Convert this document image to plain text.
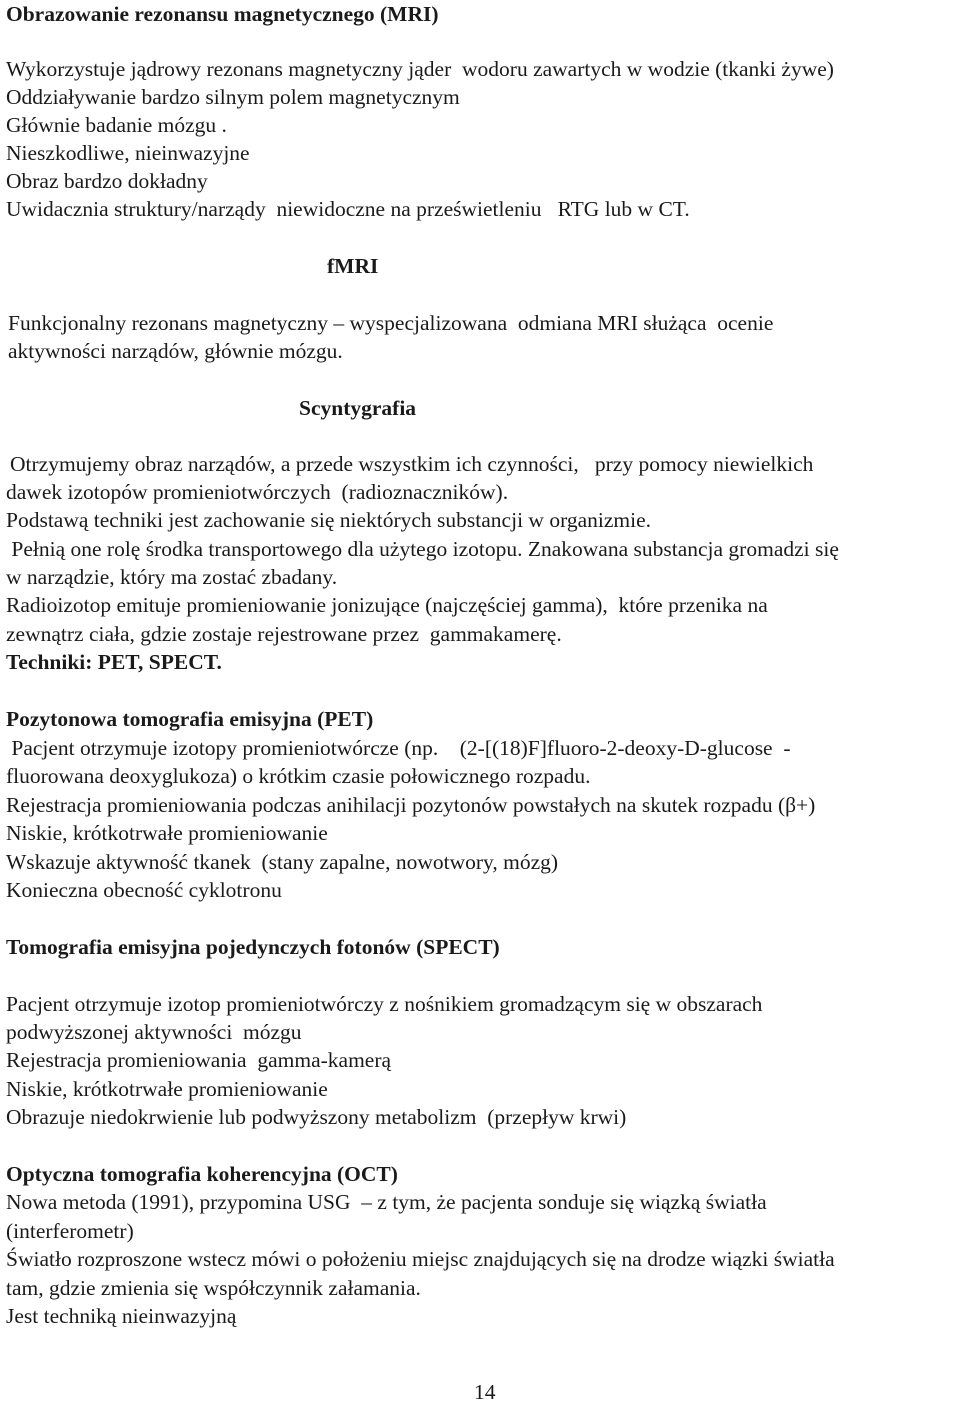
Obrazowanie rezonansu magnetycznego (MRI)
Wykorzystuje jądrowy rezonans magnetyczny jąder  wodoru zawartych w wodzie (tkanki żywe)
Oddziaływanie bardzo silnym polem magnetycznym
Głównie badanie mózgu .
Nieszkodliwe, nieinwazyjne
Obraz bardzo dokładny
Uwidacznia struktury/narządy  niewidoczne na prześwietleniu   RTG lub w CT.
fMRI
Funkcjonalny rezonans magnetyczny – wyspecjalizowana  odmiana MRI służąca  ocenie
aktywności narządów, głównie mózgu.
Scyntygrafia
Otrzymujemy obraz narządów, a przede wszystkim ich czynności,   przy pomocy niewielkich
dawek izotopów promieniotwórczych  (radioznaczników).
Podstawą techniki jest zachowanie się niektórych substancji w organizmie.
Pełnią one rolę środka transportowego dla użytego izotopu. Znakowana substancja gromadzi się
w narządzie, który ma zostać zbadany.
Radioizotop emituje promieniowanie jonizujące (najczęściej gamma),  które przenika na
zewnątrz ciała, gdzie zostaje rejestrowane przez  gammakamerę.
Techniki: PET, SPECT.
Pozytonowa tomografia emisyjna (PET)
Pacjent otrzymuje izotopy promieniotwórcze (np.    (2-[(18)F]fluoro-2-deoxy-D-glucose  -
fluorowana deoxyglukoza) o krótkim czasie połowicznego rozpadu.
Rejestracja promieniowania podczas anihilacji pozytonów powstałych na skutek rozpadu (β+)
Niskie, krótkotrwałe promieniowanie
Wskazuje aktywność tkanek  (stany zapalne, nowotwory, mózg)
Konieczna obecność cyklotronu
Tomografia emisyjna pojedynczych fotonów (SPECT)
Pacjent otrzymuje izotop promieniotwórczy z nośnikiem gromadzącym się w obszarach
podwyższonej aktywności  mózgu
Rejestracja promieniowania  gamma-kamerą
Niskie, krótkotrwałe promieniowanie
Obrazuje niedokrwienie lub podwyższony metabolizm  (przepływ krwi)
Optyczna tomografia koherencyjna (OCT)
Nowa metoda (1991), przypomina USG  – z tym, że pacjenta sonduje się wiązką światła
(interferometr)
Światło rozproszone wstecz mówi o położeniu miejsc znajdujących się na drodze wiązki światła
tam, gdzie zmienia się współczynnik załamania.
Jest techniką nieinwazyjną
14
